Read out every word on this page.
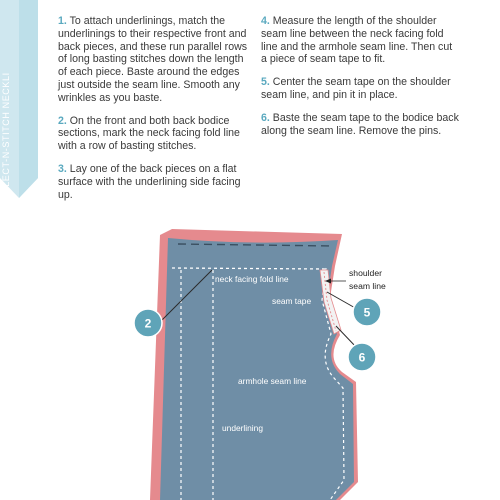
SELECT-N-STITCH NECKLI

1. To attach underlinings, match the underlinings to their respective front and back pieces, and these run parallel rows of long basting stitches down the length of each piece. Baste around the edges just outside the seam line. Smooth any wrinkles as you baste.

2. On the front and both back bodice sections, mark the neck facing fold line with a row of basting stitches.

3. Lay one of the back pieces on a flat surface with the underlining side facing up.

4. Measure the length of the shoulder seam line between the neck facing fold line and the armhole seam line. Then cut a piece of seam tape to fit.

5. Center the seam tape on the shoulder seam line, and pin it in place.

6. Baste the seam tape to the bodice back along the seam line. Remove the pins.

neck facing fold line
seam tape
armhole seam line
underlining
shoulder
seam line
2
5
6
